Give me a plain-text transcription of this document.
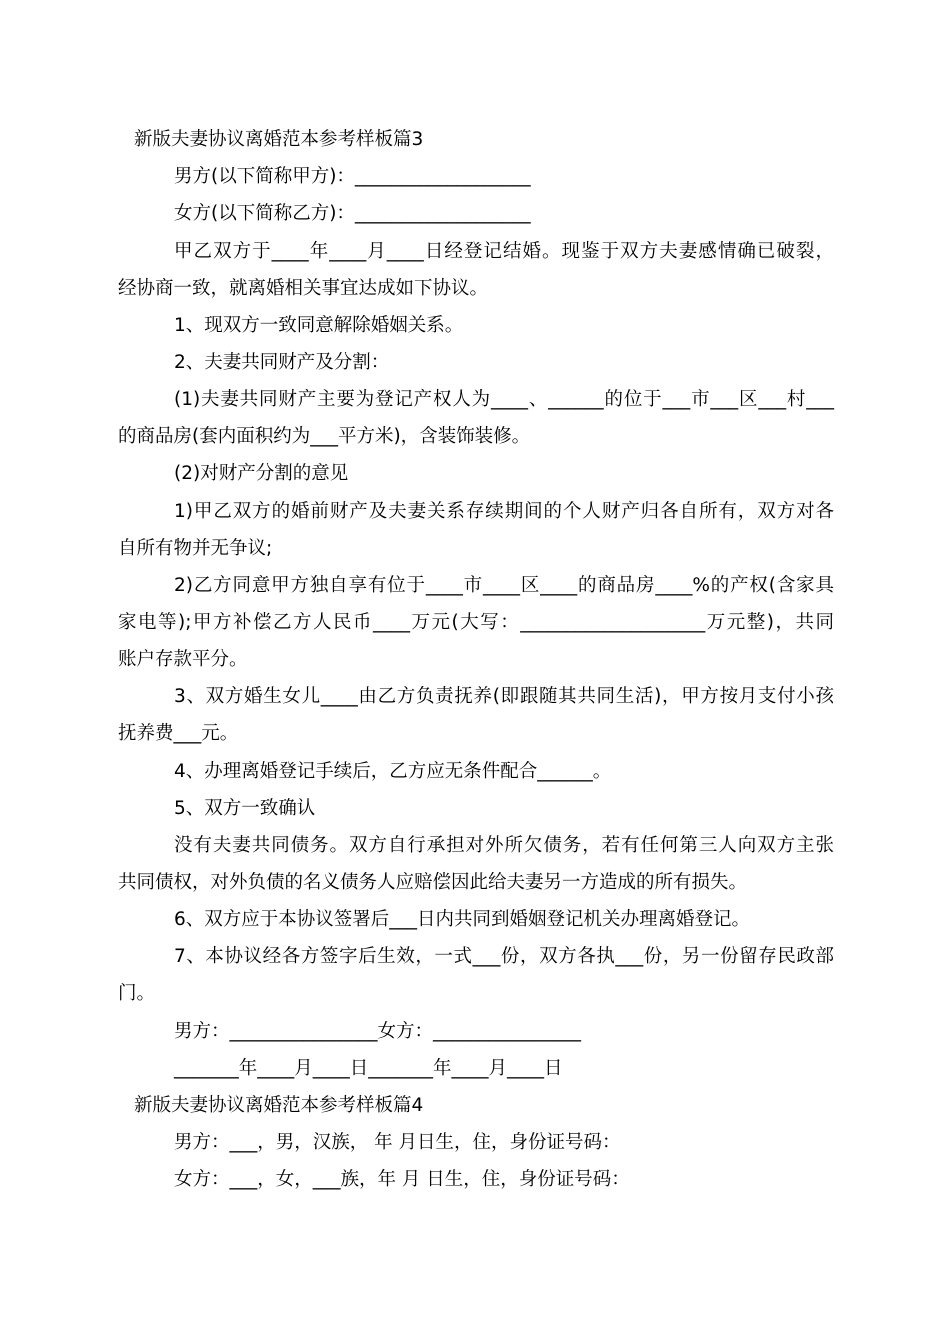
新版夫妻协议离婚范本参考样板篇3
男方(以下简称甲方)：___________________
女方(以下简称乙方)：___________________
甲乙双方于____年____月____日经登记结婚。现鉴于双方夫妻感情确已破裂，
经协商一致，就离婚相关事宜达成如下协议。
1、现双方一致同意解除婚姻关系。
2、夫妻共同财产及分割：
(1)夫妻共同财产主要为登记产权人为____、______的位于___市___区___村___
的商品房(套内面积约为___平方米)，含装饰装修。
(2)对财产分割的意见
1)甲乙双方的婚前财产及夫妻关系存续期间的个人财产归各自所有，双方对各
自所有物并无争议;
2)乙方同意甲方独自享有位于____市____区____的商品房____%的产权(含家具
家电等);甲方补偿乙方人民币____万元(大写：____________________万元整)，共同
账户存款平分。
3、双方婚生女儿____由乙方负责抚养(即跟随其共同生活)，甲方按月支付小孩
抚养费___元。
4、办理离婚登记手续后，乙方应无条件配合______。
5、双方一致确认
没有夫妻共同债务。双方自行承担对外所欠债务，若有任何第三人向双方主张
共同债权，对外负债的名义债务人应赔偿因此给夫妻另一方造成的所有损失。
6、双方应于本协议签署后___日内共同到婚姻登记机关办理离婚登记。
7、本协议经各方签字后生效，一式___份，双方各执___份，另一份留存民政部
门。
男方：________________女方：________________
_______年____月____日_______年____月____日
新版夫妻协议离婚范本参考样板篇4
男方：___，男，汉族， 年 月日生，住，身份证号码：
女方：___，女，___族，年 月 日生，住，身份证号码：
